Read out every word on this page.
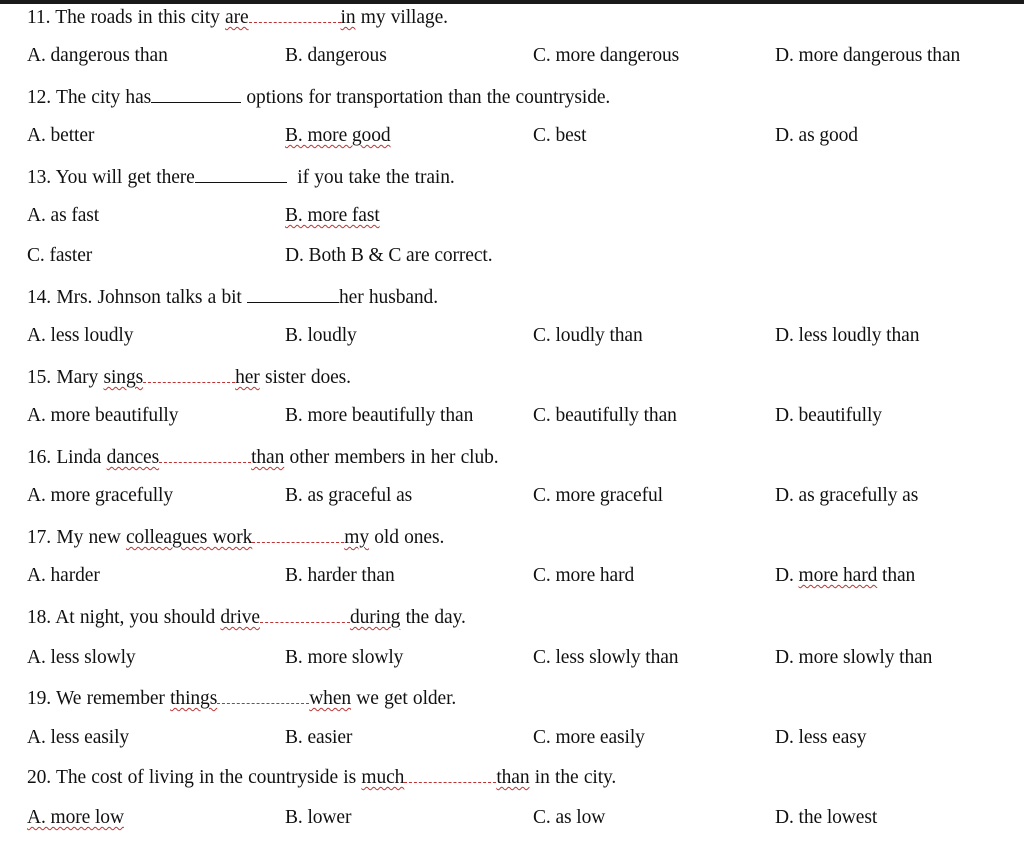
11. The roads in this city are	in my village.
A. dangerous than	B. dangerous	C. more dangerous	D. more dangerous than
12. The city has	options for transportation than the countryside.
A. better	B. more good	C. best	D. as good
13. You will get there	if you take the train.
A. as fast	B. more fast
C. faster	D. Both B & C are correct.
14. Mrs. Johnson talks a bit	her husband.
A. less loudly	B. loudly	C. loudly than	D. less loudly than
15. Mary sings	her sister does.
A. more beautifully	B. more beautifully than	C. beautifully than	D. beautifully
16. Linda dances	than other members in her club.
A. more gracefully	B. as graceful as	C. more graceful	D. as gracefully as
17. My new colleagues work	my old ones.
A. harder	B. harder than	C. more hard	D. more hard than
18. At night, you should drive	during the day.
A. less slowly	B. more slowly	C. less slowly than	D. more slowly than
19. We remember things	when we get older.
A. less easily	B. easier	C. more easily	D. less easy
20. The cost of living in the countryside is much	than in the city.
A. more low	B. lower	C. as low	D. the lowest
